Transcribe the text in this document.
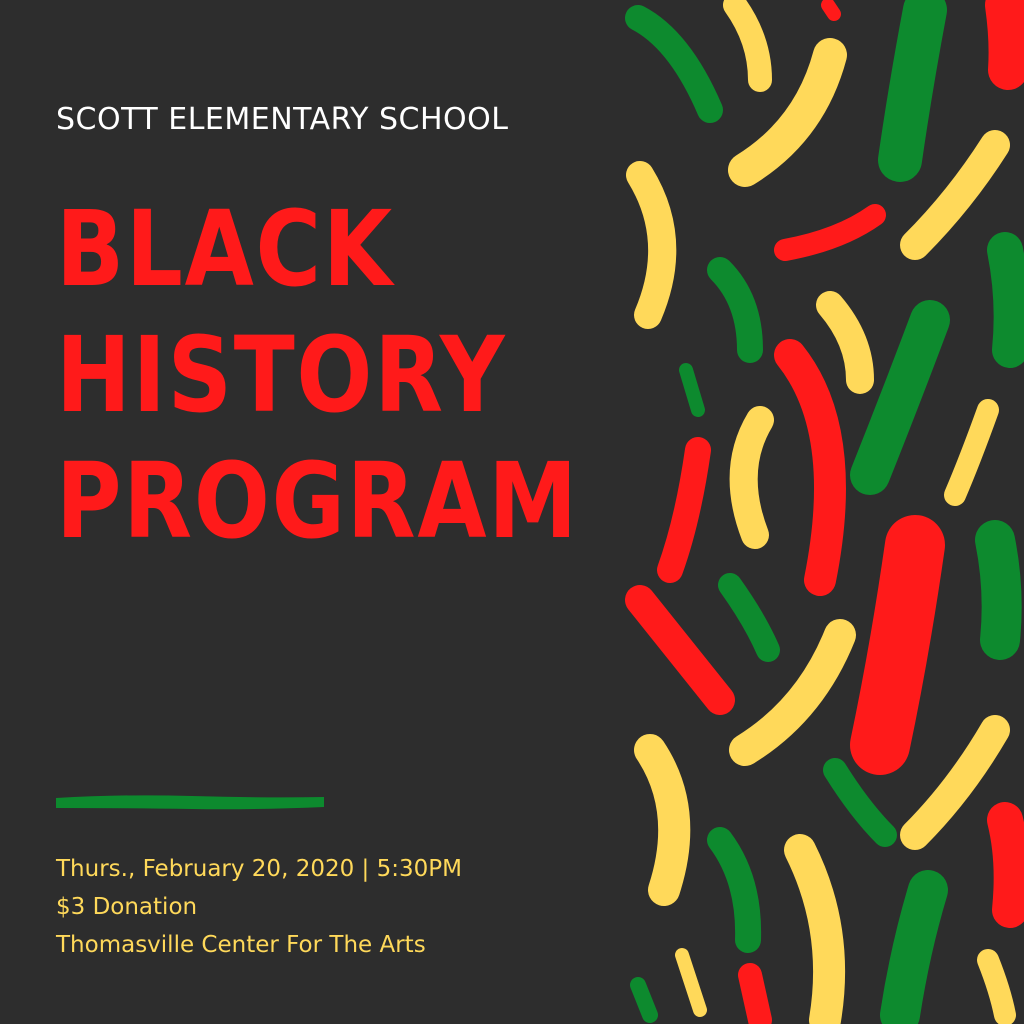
SCOTT ELEMENTARY SCHOOL
BLACK
HISTORY
PROGRAM
Thurs., February 20, 2020 | 5:30PM
$3 Donation
Thomasville Center For The Arts
